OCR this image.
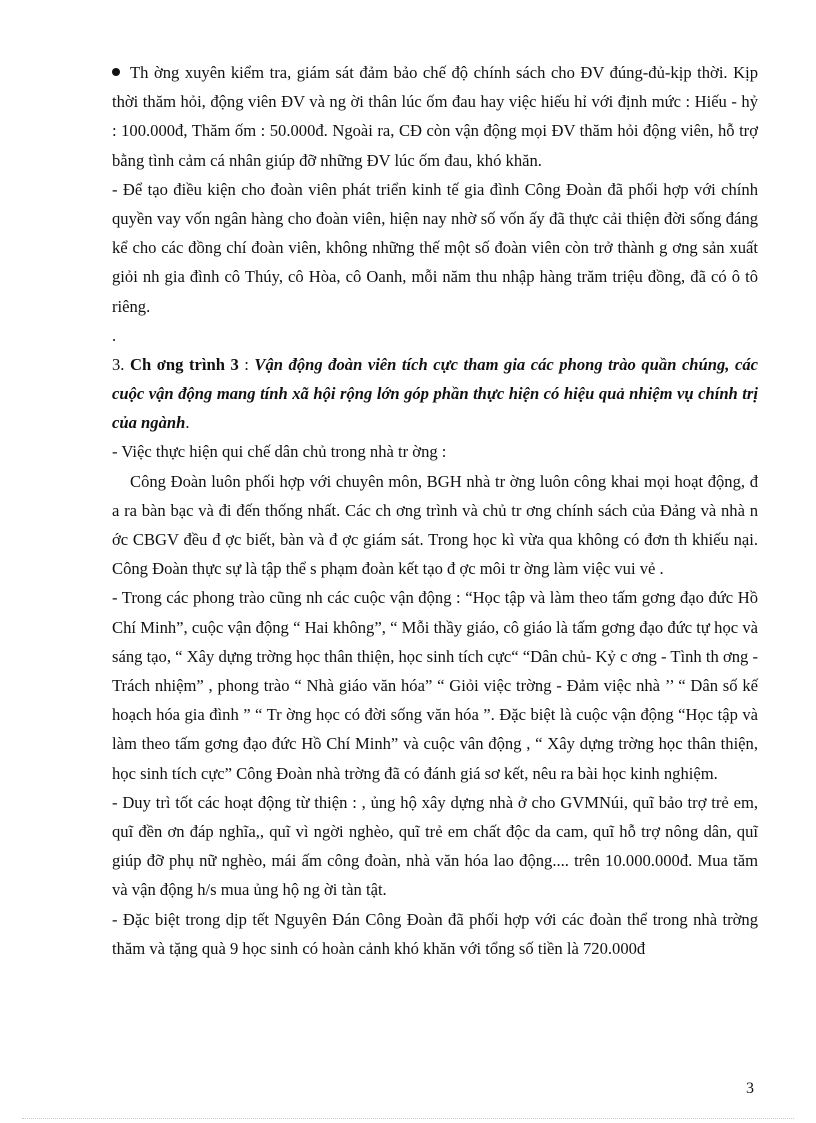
Th ờng xuyên kiểm tra, giám sát đảm bảo chế độ chính sách cho ĐV đúng-đủ-kịp thời. Kịp thời thăm hỏi, động viên ĐV và ng ời thân lúc ốm đau hay việc hiếu hỉ với định mức : Hiếu - hỷ : 100.000đ, Thăm ốm : 50.000đ. Ngoài ra, CĐ còn vận động mọi ĐV thăm hỏi động viên, hỗ trợ bằng tình cảm cá nhân giúp đỡ những ĐV lúc ốm đau, khó khăn.

- Để tạo điều kiện cho đoàn viên phát triển kinh tế gia đình Công Đoàn đã phối hợp với chính quyền vay vốn ngân hàng cho đoàn viên, hiện nay nhờ số vốn ấy đã thực cải thiện đời sống đáng kể cho các đồng chí đoàn viên, không những thế một số đoàn viên còn trở thành g ơng sản xuất giỏi nh gia đình cô Thúy, cô Hòa, cô Oanh, mỗi năm thu nhập hàng trăm triệu đồng, đã có ô tô riêng.

.

3. Ch ơng trình 3 : Vận động đoàn viên tích cực tham gia các phong trào quần chúng, các cuộc vận động mang tính xã hội rộng lớn góp phần thực hiện có hiệu quả nhiệm vụ chính trị của ngành.

- Việc thực hiện qui chế dân chủ trong nhà tr ờng :

Công Đoàn luôn phối hợp với chuyên môn, BGH nhà tr ờng luôn công khai mọi hoạt động, đ a ra bàn bạc và đi đến thống nhất. Các ch ơng trình và chủ tr ơng chính sách của Đảng và nhà n ớc CBGV đều đ ợc biết, bàn và đ ợc giám sát. Trong học kì vừa qua không có đơn th khiếu nại. Công Đoàn thực sự là tập thể s phạm đoàn kết tạo đ ợc môi tr ờng làm việc vui vẻ .

- Trong các phong trào cũng nh các cuộc vận động : “Học tập và làm theo tấm gơng đạo đức Hồ Chí Minh”, cuộc vận động “ Hai không”, “ Mỗi thầy giáo, cô giáo là tấm gơng đạo đức tự học và sáng tạo, “ Xây dựng trờng học thân thiện, học sinh tích cực“ “Dân chủ- Kỷ c ơng - Tình th ơng - Trách nhiệm” , phong trào “ Nhà giáo văn hóa” “ Giỏi việc trờng - Đảm việc nhà ’’ “ Dân số kế hoạch hóa gia đình ” “ Tr ờng học có đời sống văn hóa ”. Đặc biệt là cuộc vận động “Học tập và làm theo tấm gơng đạo đức Hồ Chí Minh” và cuộc vân động , “ Xây dựng trờng học thân thiện, học sinh tích cực” Công Đoàn nhà trờng đã có đánh giá sơ kết, nêu ra bài học kinh nghiệm.

- Duy trì tốt các hoạt động từ thiện : , ủng hộ xây dựng nhà ở cho GVMNúi, quĩ bảo trợ trẻ em, quĩ đền ơn đáp nghĩa,, quĩ vì ngời nghèo, quĩ trẻ em chất độc da cam, quĩ hỗ trợ nông dân, quĩ giúp đỡ phụ nữ nghèo, mái ấm công đoàn, nhà văn hóa lao động.... trên 10.000.000đ. Mua tăm và vận động h/s mua ủng hộ ng ời tàn tật.

- Đặc biệt trong dịp tết Nguyên Đán Công Đoàn đã phối hợp với các đoàn thể trong nhà trờng thăm và tặng quà 9 học sinh có hoàn cảnh khó khăn với tổng số tiền là 720.000đ

3
